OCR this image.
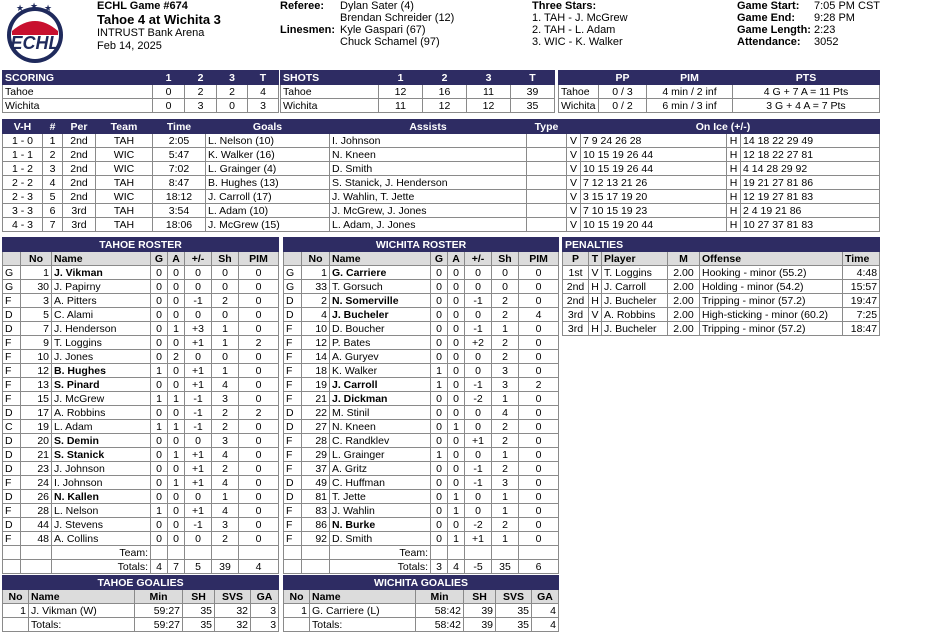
★ ★ ★
ECHL
ECHL Game #674
Tahoe 4 at Wichita 3
INTRUST Bank Arena
Feb 14, 2025
Referee:	Dylan Sater (4)
	Brendan Schreider (12)
Linesmen:	Kyle Gaspari (67)
	Chuck Schamel (97)
Three Stars:
1. TAH - J. McGrew
2. TAH - L. Adam
3. WIC - K. Walker
Game Start:	7:05 PM CST
Game End:	9:28 PM
Game Length:	2:23
Attendance:	3052
SCORING	1	2	3	T
Tahoe	0	2	2	4
Wichita	0	3	0	3
SHOTS	1	2	3	T
Tahoe	12	16	11	39
Wichita	11	12	12	35
	PP	PIM	PTS
Tahoe	0 / 3	4 min / 2 inf	4 G + 7 A = 11 Pts
Wichita	0 / 2	6 min / 3 inf	3 G + 4 A = 7 Pts
V-H	#	Per	Team	Time	Goals	Assists	Type	On Ice (+/-)			
1 - 0	1	2nd	TAH	2:05	L. Nelson (10)	I. Johnson		V	7 9 24 26 28	H	14 18 22 29 49
1 - 1	2	2nd	WIC	5:47	K. Walker (16)	N. Kneen		V	10 15 19 26 44	H	12 18 22 27 81
1 - 2	3	2nd	WIC	7:02	L. Grainger (4)	D. Smith		V	10 15 19 26 44	H	4 14 28 29 92
2 - 2	4	2nd	TAH	8:47	B. Hughes (13)	S. Stanick, J. Henderson		V	7 12 13 21 26	H	19 21 27 81 86
2 - 3	5	2nd	WIC	18:12	J. Carroll (17)	J. Wahlin, T. Jette		V	3 15 17 19 20	H	12 19 27 81 83
3 - 3	6	3rd	TAH	3:54	L. Adam (10)	J. McGrew, J. Jones		V	7 10 15 19 23	H	2 4 19 21 86
4 - 3	7	3rd	TAH	18:06	J. McGrew (15)	L. Adam, J. Jones		V	10 15 19 20 44	H	10 27 37 81 83
TAHOE ROSTER							
	No	Name	G	A	+/-	Sh	PIM
G	1	J. Vikman	0	0	0	0	0
G	30	J. Papirny	0	0	0	0	0
F	3	A. Pitters	0	0	-1	2	0
D	5	C. Alami	0	0	0	0	0
D	7	J. Henderson	0	1	+3	1	0
F	9	T. Loggins	0	0	+1	1	2
F	10	J. Jones	0	2	0	0	0
F	12	B. Hughes	1	0	+1	1	0
F	13	S. Pinard	0	0	+1	4	0
F	15	J. McGrew	1	1	-1	3	0
D	17	A. Robbins	0	0	-1	2	2
C	19	L. Adam	1	1	-1	2	0
D	20	S. Demin	0	0	0	3	0
D	21	S. Stanick	0	1	+1	4	0
D	23	J. Johnson	0	0	+1	2	0
F	24	I. Johnson	0	1	+1	4	0
D	26	N. Kallen	0	0	0	1	0
F	28	L. Nelson	1	0	+1	4	0
D	44	J. Stevens	0	0	-1	3	0
F	48	A. Collins	0	0	0	2	0
		Team:					
		Totals:	4	7	5	39	4
WICHITA ROSTER							
	No	Name	G	A	+/-	Sh	PIM
G	1	G. Carriere	0	0	0	0	0
G	33	T. Gorsuch	0	0	0	0	0
D	2	N. Somerville	0	0	-1	2	0
D	4	J. Bucheler	0	0	0	2	4
F	10	D. Boucher	0	0	-1	1	0
F	12	P. Bates	0	0	+2	2	0
F	14	A. Guryev	0	0	0	2	0
F	18	K. Walker	1	0	0	3	0
F	19	J. Carroll	1	0	-1	3	2
F	21	J. Dickman	0	0	-2	1	0
D	22	M. Stinil	0	0	0	4	0
D	27	N. Kneen	0	1	0	2	0
F	28	C. Randklev	0	0	+1	2	0
F	29	L. Grainger	1	0	0	1	0
F	37	A. Gritz	0	0	-1	2	0
D	49	C. Huffman	0	0	-1	3	0
D	81	T. Jette	0	1	0	1	0
F	83	J. Wahlin	0	1	0	1	0
F	86	N. Burke	0	0	-2	2	0
F	92	D. Smith	0	1	+1	1	0
		Team:					
		Totals:	3	4	-5	35	6
PENALTIES					
P	T	Player	M	Offense	Time
1st	V	T. Loggins	2.00	Hooking - minor (55.2)	4:48
2nd	H	J. Carroll	2.00	Holding - minor (54.2)	15:57
2nd	H	J. Bucheler	2.00	Tripping - minor (57.2)	19:47
3rd	V	A. Robbins	2.00	High-sticking - minor (60.2)	7:25
3rd	H	J. Bucheler	2.00	Tripping - minor (57.2)	18:47
TAHOE GOALIES					
No	Name	Min	SH	SVS	GA
1	J. Vikman (W)	59:27	35	32	3
	Totals:	59:27	35	32	3
WICHITA GOALIES					
No	Name	Min	SH	SVS	GA
1	G. Carriere (L)	58:42	39	35	4
	Totals:	58:42	39	35	4
